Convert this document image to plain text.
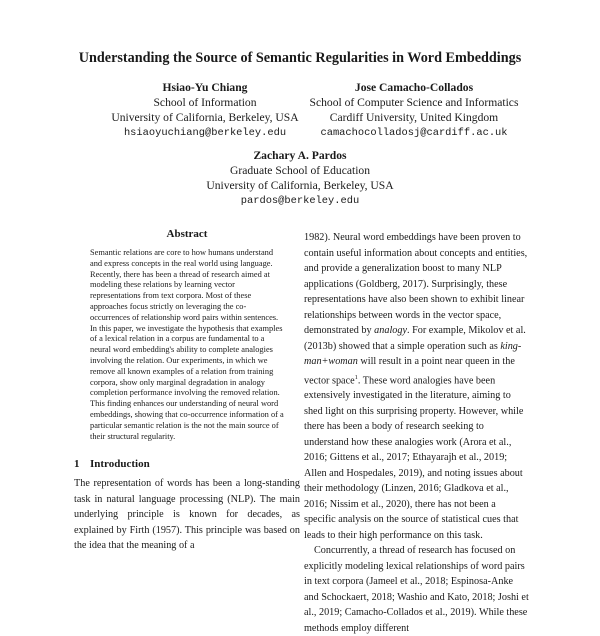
Understanding the Source of Semantic Regularities in Word Embeddings
Hsiao-Yu Chiang
School of Information
University of California, Berkeley, USA
hsiaoyuchiang@berkeley.edu
Jose Camacho-Collados
School of Computer Science and Informatics
Cardiff University, United Kingdom
camachocolladosj@cardiff.ac.uk
Zachary A. Pardos
Graduate School of Education
University of California, Berkeley, USA
pardos@berkeley.edu
Abstract
Semantic relations are core to how humans understand and express concepts in the real world using language. Recently, there has been a thread of research aimed at modeling these relations by learning vector representations from text corpora. Most of these approaches focus strictly on leveraging the co-occurrences of relationship word pairs within sentences. In this paper, we investigate the hypothesis that examples of a lexical relation in a corpus are fundamental to a neural word embedding's ability to complete analogies involving the relation. Our experiments, in which we remove all known examples of a relation from training corpora, show only marginal degradation in analogy completion performance involving the removed relation. This finding enhances our understanding of neural word embeddings, showing that co-occurrence information of a particular semantic relation is the not the main source of their structural regularity.
1 Introduction
The representation of words has been a long-standing task in natural language processing (NLP). The main underlying principle is known for decades, as explained by Firth (1957). This principle was based on the idea that the meaning of a

1982). Neural word embeddings have been proven to contain useful information about concepts and entities, and provide a generalization boost to many NLP applications (Goldberg, 2017). Surprisingly, these representations have also been shown to exhibit linear relationships between words in the vector space, demonstrated by analogy. For example, Mikolov et al. (2013b) showed that a simple operation such as king-man+woman will result in a point near queen in the vector space$^1$. These word analogies have been extensively investigated in the literature, aiming to shed light on this surprising property. However, while there has been a body of research seeking to understand how these analogies work (Arora et al., 2016; Gittens et al., 2017; Ethayarajh et al., 2019; Allen and Hospedales, 2019), and noting issues about their methodology (Linzen, 2016; Gladkova et al., 2016; Nissim et al., 2020), there has not been a specific analysis on the source of statistical cues that leads to their high performance on this task.

Concurrently, a thread of research has focused on explicitly modeling lexical relationships of word pairs in text corpora (Jameel et al., 2018; Espinosa-Anke and Schockaert, 2018; Washio and Kato, 2018; Joshi et al., 2019; Camacho-Collados et al., 2019). While these methods employ different
